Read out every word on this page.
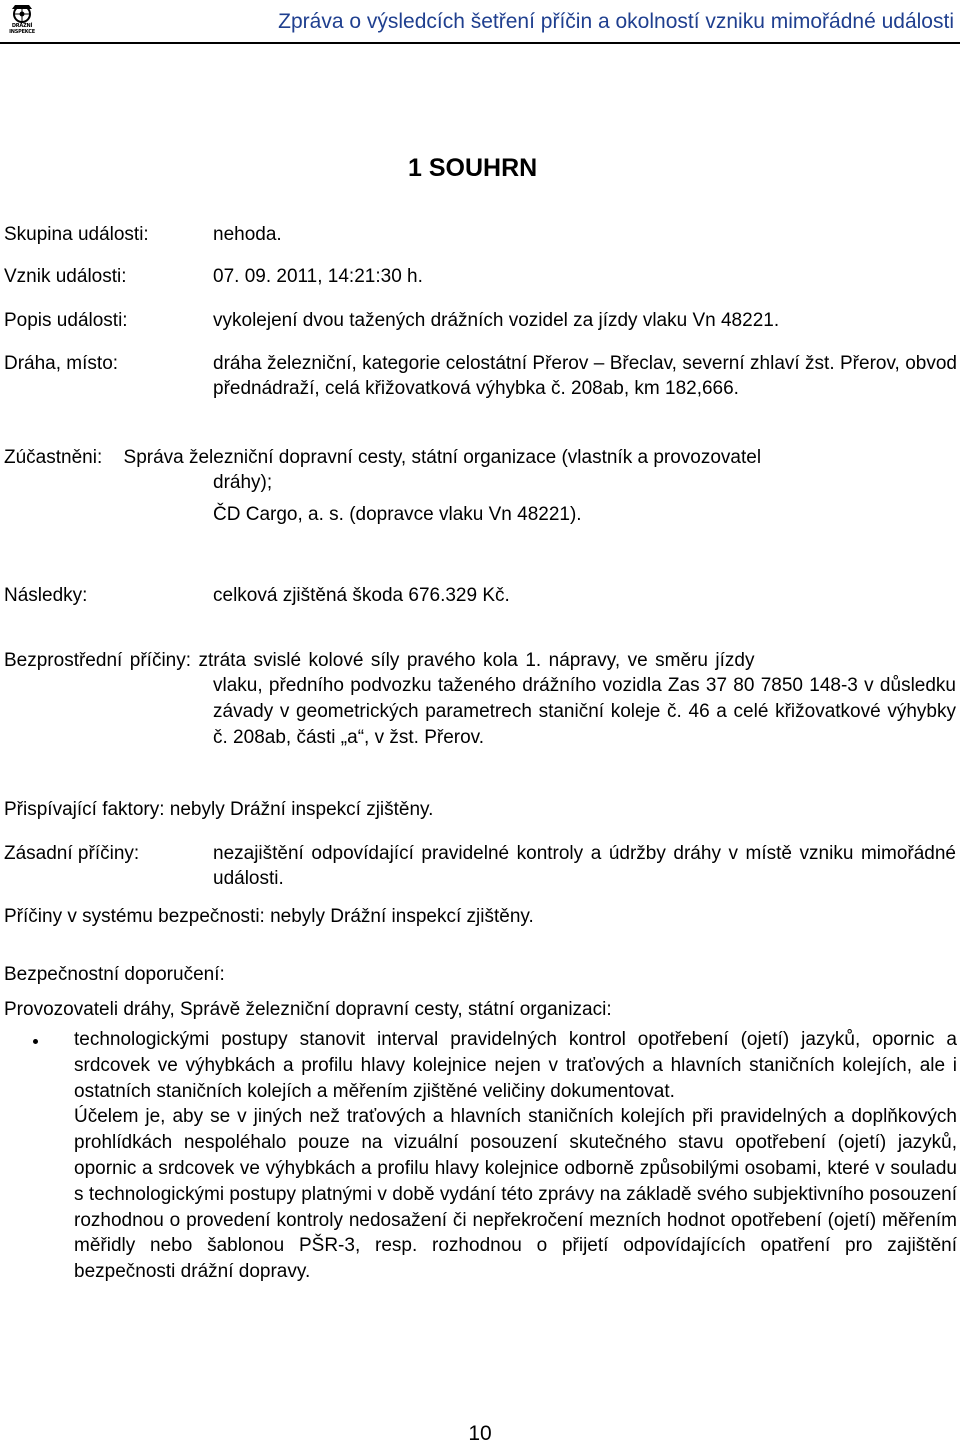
DRÁŽNÍ
INSPEKCE	Zpráva o výsledcích šetření příčin a okolností vzniku mimořádné události
1 SOUHRN
Skupina události:	nehoda.
Vznik události:	07. 09. 2011, 14:21:30 h.
Popis události:	vykolejení dvou tažených drážních vozidel za jízdy vlaku Vn 48221.
Dráha, místo:	dráha železniční, kategorie celostátní Přerov – Břeclav, severní zhlaví žst. Přerov, obvod přednádraží, celá křižovatková výhybka č. 208ab, km 182,666.
Zúčastněni: Správa železniční dopravní cesty, státní organizace (vlastník a provozovatel
dráhy);
ČD Cargo, a. s. (dopravce vlaku Vn 48221).
Následky:	celková zjištěná škoda 676.329 Kč.
Bezprostřední příčiny: ztráta svislé kolové síly pravého kola 1. nápravy, ve směru jízdy
vlaku, předního podvozku taženého drážního vozidla Zas 37 80 7850 148-3 v důsledku závady v geometrických parametrech staniční koleje č. 46 a celé křižovatkové výhybky č. 208ab, části „a“, v žst. Přerov.
Přispívající faktory: nebyly Drážní inspekcí zjištěny.
Zásadní příčiny:	nezajištění odpovídající pravidelné kontroly a údržby dráhy v místě vzniku mimořádné události.
Příčiny v systému bezpečnosti: nebyly Drážní inspekcí zjištěny.
Bezpečnostní doporučení:
Provozovateli dráhy, Správě železniční dopravní cesty, státní organizaci:

technologickými postupy stanovit interval pravidelných kontrol opotřebení (ojetí) jazyků, opornic a srdcovek ve výhybkách a profilu hlavy kolejnice nejen v traťových a hlavních staničních kolejích, ale i ostatních staničních kolejích a měřením zjištěné veličiny dokumentovat.

Účelem je, aby se v jiných než traťových a hlavních staničních kolejích při pravidelných a doplňkových prohlídkách nespoléhalo pouze na vizuální posouzení skutečného stavu opotřebení (ojetí) jazyků, opornic a srdcovek ve výhybkách a profilu hlavy kolejnice odborně způsobilými osobami, které v souladu s technologickými postupy platnými v době vydání této zprávy na základě svého subjektivního posouzení rozhodnou o provedení kontroly nedosažení či nepřekročení mezních hodnot opotřebení (ojetí) měřením měřidly nebo šablonou PŠR-3, resp. rozhodnou o přijetí odpovídajících opatření pro zajištění bezpečnosti drážní dopravy.

10
